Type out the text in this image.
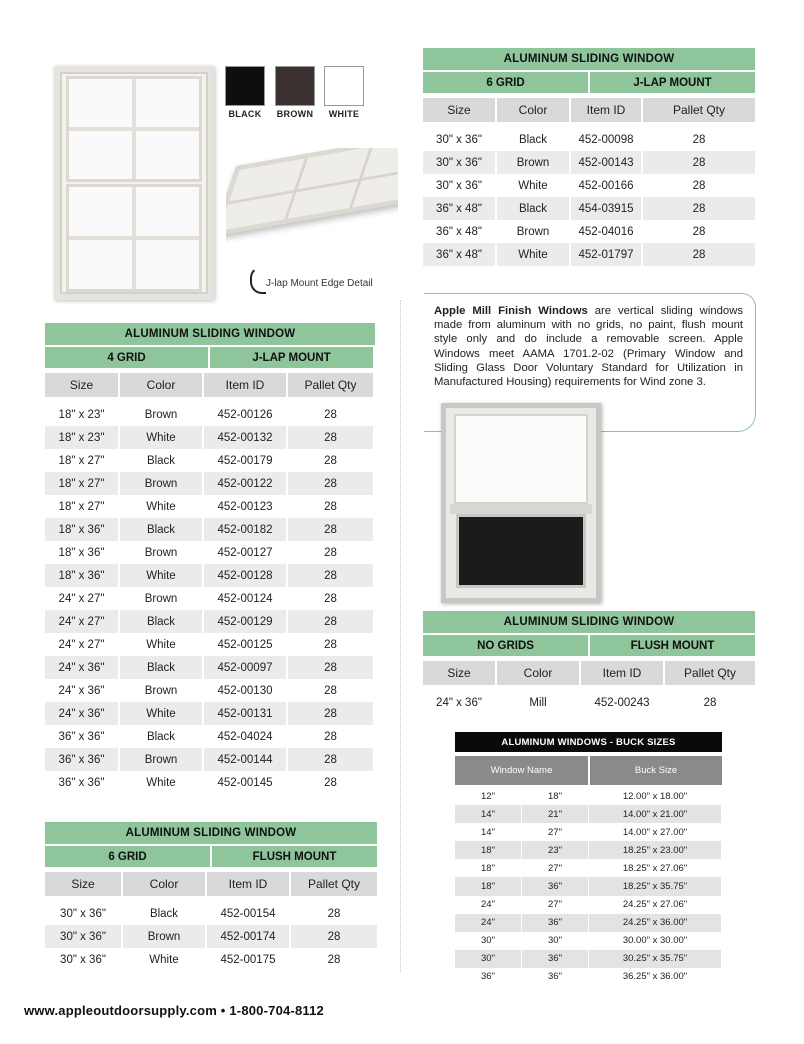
BLACK	BROWN	WHITE
J-lap Mount Edge Detail
ALUMINUM SLIDING WINDOW
6 GRID	J-LAP MOUNT
Size	Color	Item ID	Pallet Qty
30" x 36"	Black	452-00098	28
30" x 36"	Brown	452-00143	28
30" x 36"	White	452-00166	28
36" x 48"	Black	454-03915	28
36" x 48"	Brown	452-04016	28
36" x 48"	White	452-01797	28

Apple Mill Finish Windows are vertical sliding windows made from aluminum with no grids, no paint, flush mount style only and do include a removable screen. Apple Windows meet AAMA 1701.2-02 (Primary Window and Sliding Glass Door Voluntary Standard for Utilization in Manufactured Housing) requirements for Wind zone 3.

ALUMINUM SLIDING WINDOW
4 GRID	J-LAP MOUNT
Size	Color	Item ID	Pallet Qty
18" x 23"	Brown	452-00126	28
18" x 23"	White	452-00132	28
18" x 27"	Black	452-00179	28
18" x 27"	Brown	452-00122	28
18" x 27"	White	452-00123	28
18" x 36"	Black	452-00182	28
18" x 36"	Brown	452-00127	28
18" x 36"	White	452-00128	28
24" x 27"	Brown	452-00124	28
24" x 27"	Black	452-00129	28
24" x 27"	White	452-00125	28
24" x 36"	Black	452-00097	28
24" x 36"	Brown	452-00130	28
24" x 36"	White	452-00131	28
36" x 36"	Black	452-04024	28
36" x 36"	Brown	452-00144	28
36" x 36"	White	452-00145	28
ALUMINUM SLIDING WINDOW
6 GRID	FLUSH MOUNT
Size	Color	Item ID	Pallet Qty
30" x 36"	Black	452-00154	28
30" x 36"	Brown	452-00174	28
30" x 36"	White	452-00175	28
ALUMINUM SLIDING WINDOW
NO GRIDS	FLUSH MOUNT
Size	Color	Item ID	Pallet Qty
24" x 36"	Mill	452-00243	28
ALUMINUM WINDOWS - BUCK SIZES
Window Name	Buck Size
12"	18"	12.00" x 18.00"
14"	21"	14.00" x 21.00"
14"	27"	14.00" x 27.00"
18"	23"	18.25" x 23.00"
18"	27"	18.25" x 27.06"
18"	36"	18.25" x 35.75"
24"	27"	24.25" x 27.06"
24"	36"	24.25" x 36.00"
30"	30"	30.00" x 30.00"
30"	36"	30.25" x 35.75"
36"	36"	36.25" x 36.00"
www.appleoutdoorsupply.com • 1-800-704-8112
